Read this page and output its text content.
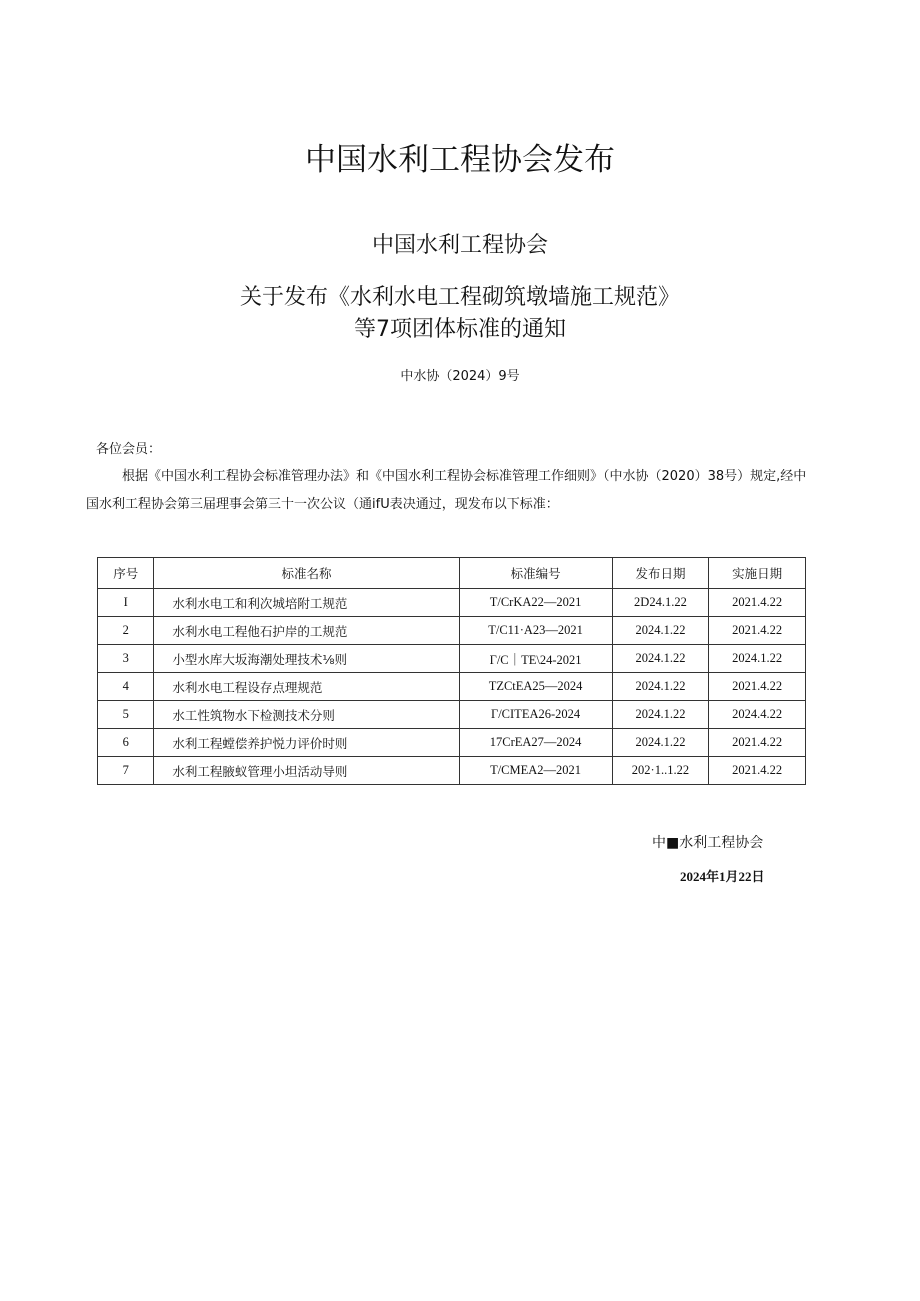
中国水利工程协会发布
中国水利工程协会
关于发布《水利水电工程砌筑墩墙施工规范》
等7项团体标准的通知
中水协（2024）9号
各位会员：
根据《中国水利工程协会标准管理办法》和《中国水利工程协会标准管理工作细则》（中水协（2020）38号）规定,经中
国水利工程协会第三届理事会第三十一次公议（通ifU表决通过，现发布以下标准：
序号	标准名称	标准编号	发布日期	实施日期
I	水利水电工和利次城培附工规范	T/CrKA22—2021	2D24.1.22	2021.4.22
2	水利水电工程他石护岸的工规范	T/C11·A23—2021	2024.1.22	2021.4.22
3	小型水库大坂海潮处理技术⅛则	Γ/C｜TE\24-2021	2024.1.22	2024.1.22
4	水利水电工程设存点理规范	TZCtEA25—2024	2024.1.22	2021.4.22
5	水工性筑物水下检测技术分则	Γ/CITEA26-2024	2024.1.22	2024.4.22
6	水利工程螳偿养护悦力评价时则	17CrEA27—2024	2024.1.22	2021.4.22
7	水利工程腋蚁管理小坦活动导则	T/CMEA2—2021	202·1..1.22	2021.4.22
中■水利工程协会
2024年1月22日
